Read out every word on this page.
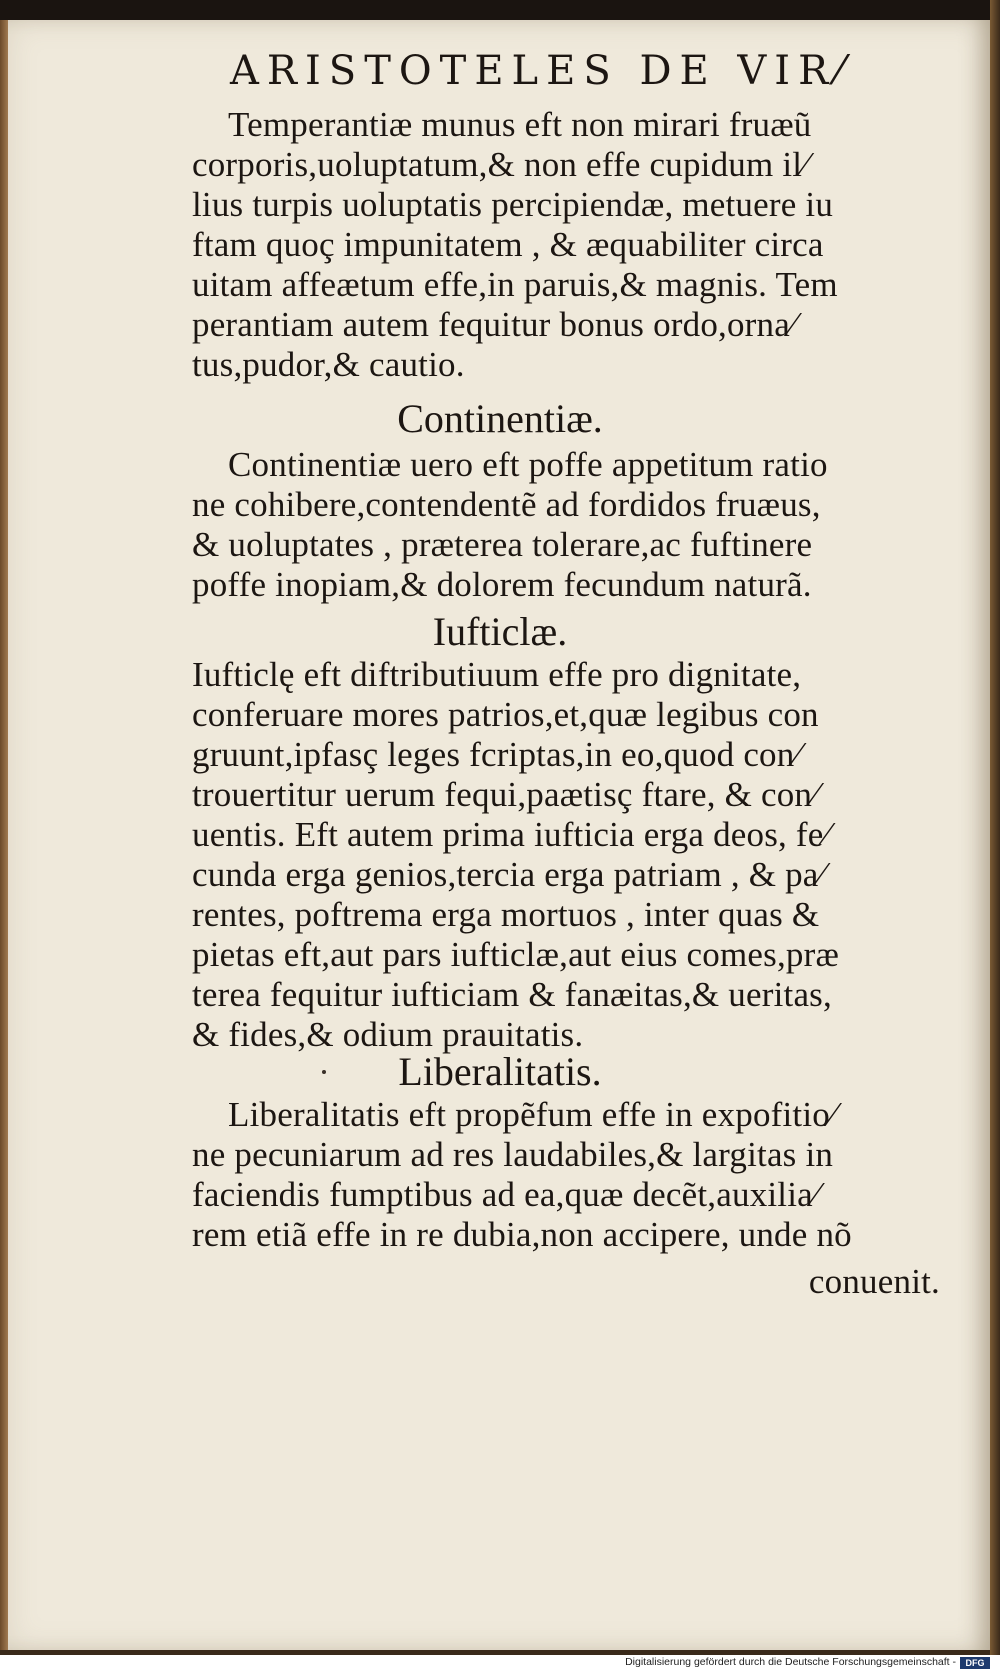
ARISTOTELES DE VIR⁄
Temperantiæ munus eft non mirari fruæũ
corporis,uoluptatum,& non effe cupidum il⁄
lius turpis uoluptatis percipiendæ, metuere iu
ftam quoç impunitatem , & æquabiliter circa
uitam affeætum effe,in paruis,& magnis. Tem
perantiam autem fequitur bonus ordo,orna⁄
tus,pudor,& cautio.
Continentiæ.
Continentiæ uero eft poffe appetitum ratio
ne cohibere,contendentẽ ad fordidos fruæus,
& uoluptates , præterea tolerare,ac fuftinere
poffe inopiam,& dolorem fecundum naturã.
Iufticlæ.
Iufticlę eft diftributiuum effe pro dignitate,
conferuare mores patrios,et,quæ legibus con
gruunt,ipfasç leges fcriptas,in eo,quod con⁄
trouertitur uerum fequi,paætisç ftare, & con⁄
uentis. Eft autem prima iufticia erga deos, fe⁄
cunda erga genios,tercia erga patriam , & pa⁄
rentes, poftrema erga mortuos , inter quas &
pietas eft,aut pars iufticlæ,aut eius comes,præ
terea fequitur iufticiam & fanæitas,& ueritas,
& fides,& odium prauitatis.
Liberalitatis.
Liberalitatis eft propẽfum effe in expofitio⁄
ne pecuniarum ad res laudabiles,& largitas in
faciendis fumptibus ad ea,quæ decẽt,auxilia⁄
rem etiã effe in re dubia,non accipere, unde nõ
conuenit.
Digitalisierung gefördert durch die Deutsche Forschungsgemeinschaft -	DFG
